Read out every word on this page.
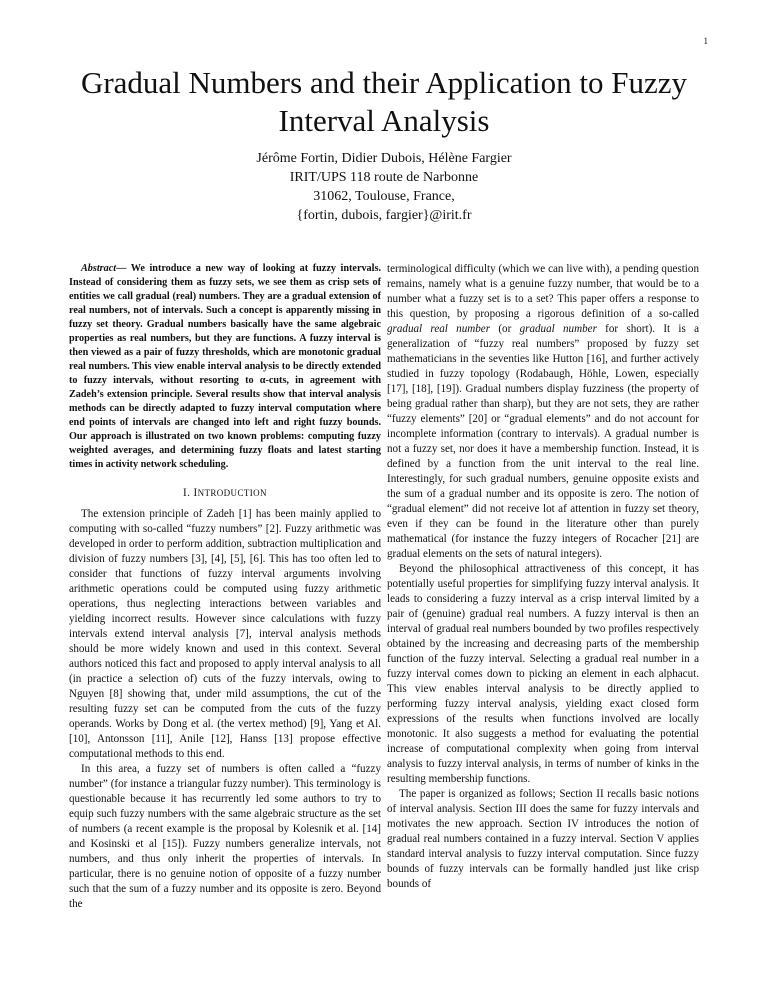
1
Gradual Numbers and their Application to Fuzzy Interval Analysis
Jérôme Fortin, Didier Dubois, Hélène Fargier
IRIT/UPS 118 route de Narbonne
31062, Toulouse, France,
{fortin, dubois, fargier}@irit.fr

Abstract— We introduce a new way of looking at fuzzy intervals. Instead of considering them as fuzzy sets, we see them as crisp sets of entities we call gradual (real) numbers. They are a gradual extension of real numbers, not of intervals. Such a concept is apparently missing in fuzzy set theory. Gradual numbers basically have the same algebraic properties as real numbers, but they are functions. A fuzzy interval is then viewed as a pair of fuzzy thresholds, which are monotonic gradual real numbers. This view enable interval analysis to be directly extended to fuzzy intervals, without resorting to α-cuts, in agreement with Zadeh’s extension principle. Several results show that interval analysis methods can be directly adapted to fuzzy interval computation where end points of intervals are changed into left and right fuzzy bounds. Our approach is illustrated on two known problems: computing fuzzy weighted averages, and determining fuzzy floats and latest starting times in activity network scheduling.

I. INTRODUCTION

The extension principle of Zadeh [1] has been mainly applied to computing with so-called “fuzzy numbers” [2]. Fuzzy arithmetic was developed in order to perform addition, subtraction multiplication and division of fuzzy numbers [3], [4], [5], [6]. This has too often led to consider that functions of fuzzy interval arguments involving arithmetic operations could be computed using fuzzy arithmetic operations, thus neglecting interactions between variables and yielding incorrect results. However since calculations with fuzzy intervals extend interval analysis [7], interval analysis methods should be more widely known and used in this context. Several authors noticed this fact and proposed to apply interval analysis to all (in practice a selection of) cuts of the fuzzy intervals, owing to Nguyen [8] showing that, under mild assumptions, the cut of the resulting fuzzy set can be computed from the cuts of the fuzzy operands. Works by Dong et al. (the vertex method) [9], Yang et Al. [10], Antonsson [11], Anile [12], Hanss [13] propose effective computational methods to this end.

In this area, a fuzzy set of numbers is often called a “fuzzy number” (for instance a triangular fuzzy number). This terminology is questionable because it has recurrently led some authors to try to equip such fuzzy numbers with the same algebraic structure as the set of numbers (a recent example is the proposal by Kolesnik et al. [14] and Kosinski et al [15]). Fuzzy numbers generalize intervals, not numbers, and thus only inherit the properties of intervals. In particular, there is no genuine notion of opposite of a fuzzy number such that the sum of a fuzzy number and its opposite is zero. Beyond the

terminological difficulty (which we can live with), a pending question remains, namely what is a genuine fuzzy number, that would be to a number what a fuzzy set is to a set? This paper offers a response to this question, by proposing a rigorous definition of a so-called gradual real number (or gradual number for short). It is a generalization of “fuzzy real numbers” proposed by fuzzy set mathematicians in the seventies like Hutton [16], and further actively studied in fuzzy topology (Rodabaugh, Höhle, Lowen, especially [17], [18], [19]). Gradual numbers display fuzziness (the property of being gradual rather than sharp), but they are not sets, they are rather “fuzzy elements” [20] or “gradual elements” and do not account for incomplete information (contrary to intervals). A gradual number is not a fuzzy set, nor does it have a membership function. Instead, it is defined by a function from the unit interval to the real line. Interestingly, for such gradual numbers, genuine opposite exists and the sum of a gradual number and its opposite is zero. The notion of “gradual element” did not receive lot af attention in fuzzy set theory, even if they can be found in the literature other than purely mathematical (for instance the fuzzy integers of Rocacher [21] are gradual elements on the sets of natural integers).

Beyond the philosophical attractiveness of this concept, it has potentially useful properties for simplifying fuzzy interval analysis. It leads to considering a fuzzy interval as a crisp interval limited by a pair of (genuine) gradual real numbers. A fuzzy interval is then an interval of gradual real numbers bounded by two profiles respectively obtained by the increasing and decreasing parts of the membership function of the fuzzy interval. Selecting a gradual real number in a fuzzy interval comes down to picking an element in each alphacut. This view enables interval analysis to be directly applied to performing fuzzy interval analysis, yielding exact closed form expressions of the results when functions involved are locally monotonic. It also suggests a method for evaluating the potential increase of computational complexity when going from interval analysis to fuzzy interval analysis, in terms of number of kinks in the resulting membership functions.

The paper is organized as follows; Section II recalls basic notions of interval analysis. Section III does the same for fuzzy intervals and motivates the new approach. Section IV introduces the notion of gradual real numbers contained in a fuzzy interval. Section V applies standard interval analysis to fuzzy interval computation. Since fuzzy bounds of fuzzy intervals can be formally handled just like crisp bounds of
